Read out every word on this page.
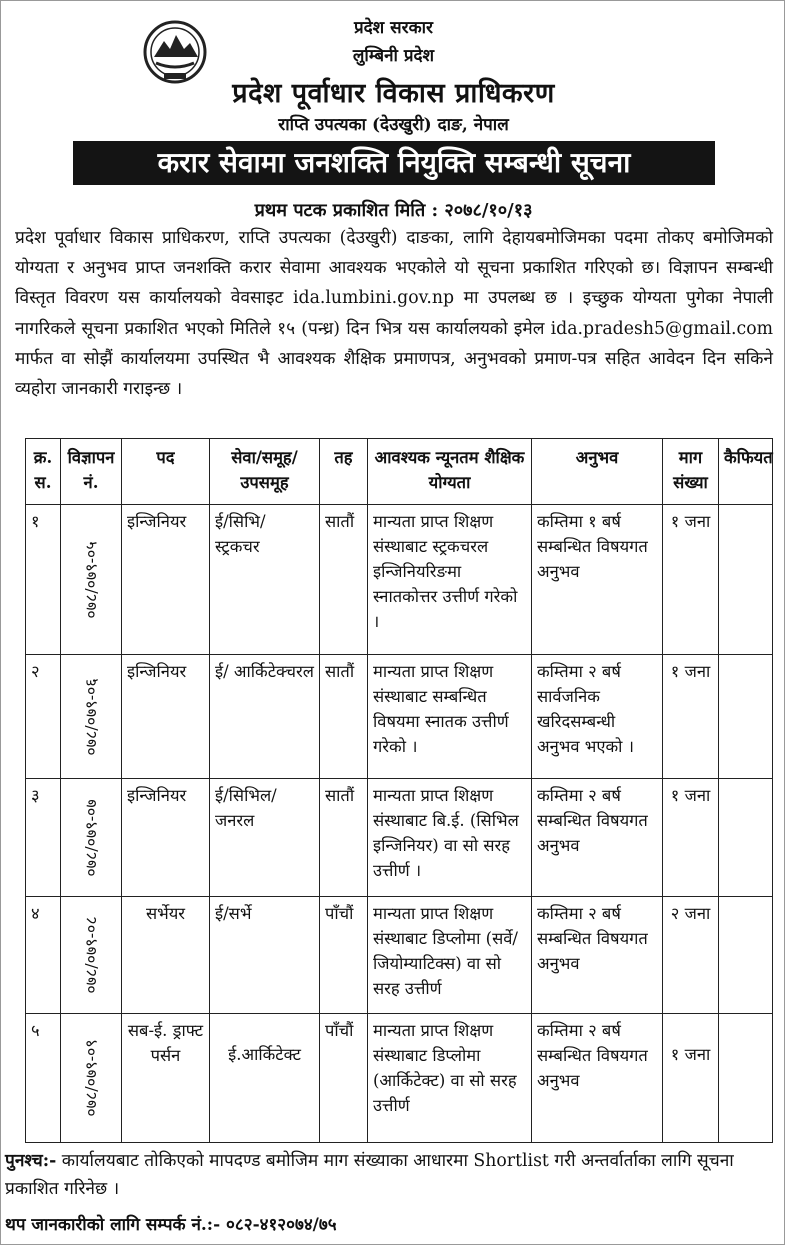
प्रदेश सरकार
लुम्बिनी प्रदेश
प्रदेश पूर्वाधार विकास प्राधिकरण
राप्ति उपत्यका (देउखुरी) दाङ, नेपाल
करार सेवामा जनशक्ति नियुक्ति सम्बन्धी सूचना
प्रथम पटक प्रकाशित मिति : २०७८/१०/१३

प्रदेश पूर्वाधार विकास प्राधिकरण, राप्ति उपत्यका (देउखुरी) दाङका, लागि देहायबमोजिमका पदमा तोकए बमोजिमको योग्यता र अनुभव प्राप्त जनशक्ति करार सेवामा आवश्यक भएकोले यो सूचना प्रकाशित गरिएको छ। विज्ञापन सम्बन्धी विस्तृत विवरण यस कार्यालयको वेवसाइट ida.lumbini.gov.np मा उपलब्ध छ । इच्छुक योग्यता पुगेका नेपाली नागरिकले सूचना प्रकाशित भएको मितिले १५ (पन्ध्र) दिन भित्र यस कार्यालयको इमेल ida.pradesh5@gmail.com मार्फत वा सोझैं कार्यालयमा उपस्थित भै आवश्यक शैक्षिक प्रमाणपत्र, अनुभवको प्रमाण-पत्र सहित आवेदन दिन सकिने व्यहोरा जानकारी गराइन्छ ।

क्र. स.	विज्ञापन नं.	पद	सेवा/समूह/ उपसमूह	तह	आवश्यक न्यूनतम शैक्षिक योग्यता	अनुभव	माग संख्या	कैफियत
१	०७८/०७९-०५	इन्जिनियर	ई/सिभि/ स्ट्रकचर	सातौं	मान्यता प्राप्त शिक्षण संस्थाबाट स्ट्रकचरल इन्जिनियरिङमा स्नातकोत्तर उत्तीर्ण गरेको ।	कम्तिमा १ बर्ष सम्बन्धित विषयगत अनुभव	१ जना	
२	०७८/०७९-०६	इन्जिनियर	ई/ आर्किटेक्चरल	सातौं	मान्यता प्राप्त शिक्षण संस्थाबाट सम्बन्धित विषयमा स्नातक उत्तीर्ण गरेको ।	कम्तिमा २ बर्ष सार्वजनिक खरिदसम्बन्धी अनुभव भएको ।	१ जना	
३	०७८/०७९-०७	इन्जिनियर	ई/सिभिल/ जनरल	सातौं	मान्यता प्राप्त शिक्षण संस्थाबाट बि.ई. (सिभिल इन्जिनियर) वा सो सरह उत्तीर्ण ।	कम्तिमा २ बर्ष सम्बन्धित विषयगत अनुभव	१ जना	
४	०७८/०७९-०८	सर्भेयर	ई/सर्भे	पाँचौं	मान्यता प्राप्त शिक्षण संस्थाबाट डिप्लोमा (सर्वे/जियोम्याटिक्स) वा सो सरह उत्तीर्ण	कम्तिमा २ बर्ष सम्बन्धित विषयगत अनुभव	२ जना	
५	०७८/०७९-०९	सब-ई. ड्राफ्ट पर्सन	ई.आर्किटेक्ट	पाँचौं	मान्यता प्राप्त शिक्षण संस्थाबाट डिप्लोमा (आर्किटेक्ट) वा सो सरह उत्तीर्ण	कम्तिमा २ बर्ष सम्बन्धित विषयगत अनुभव	१ जना	
पुनश्च:- कार्यालयबाट तोकिएको मापदण्ड बमोजिम माग संख्याका आधारमा Shortlist गरी अन्तर्वार्ताका लागि सूचना प्रकाशित गरिनेछ ।
थप जानकारीको लागि सम्पर्क नं.:- ०८२-४१२०७४/७५
